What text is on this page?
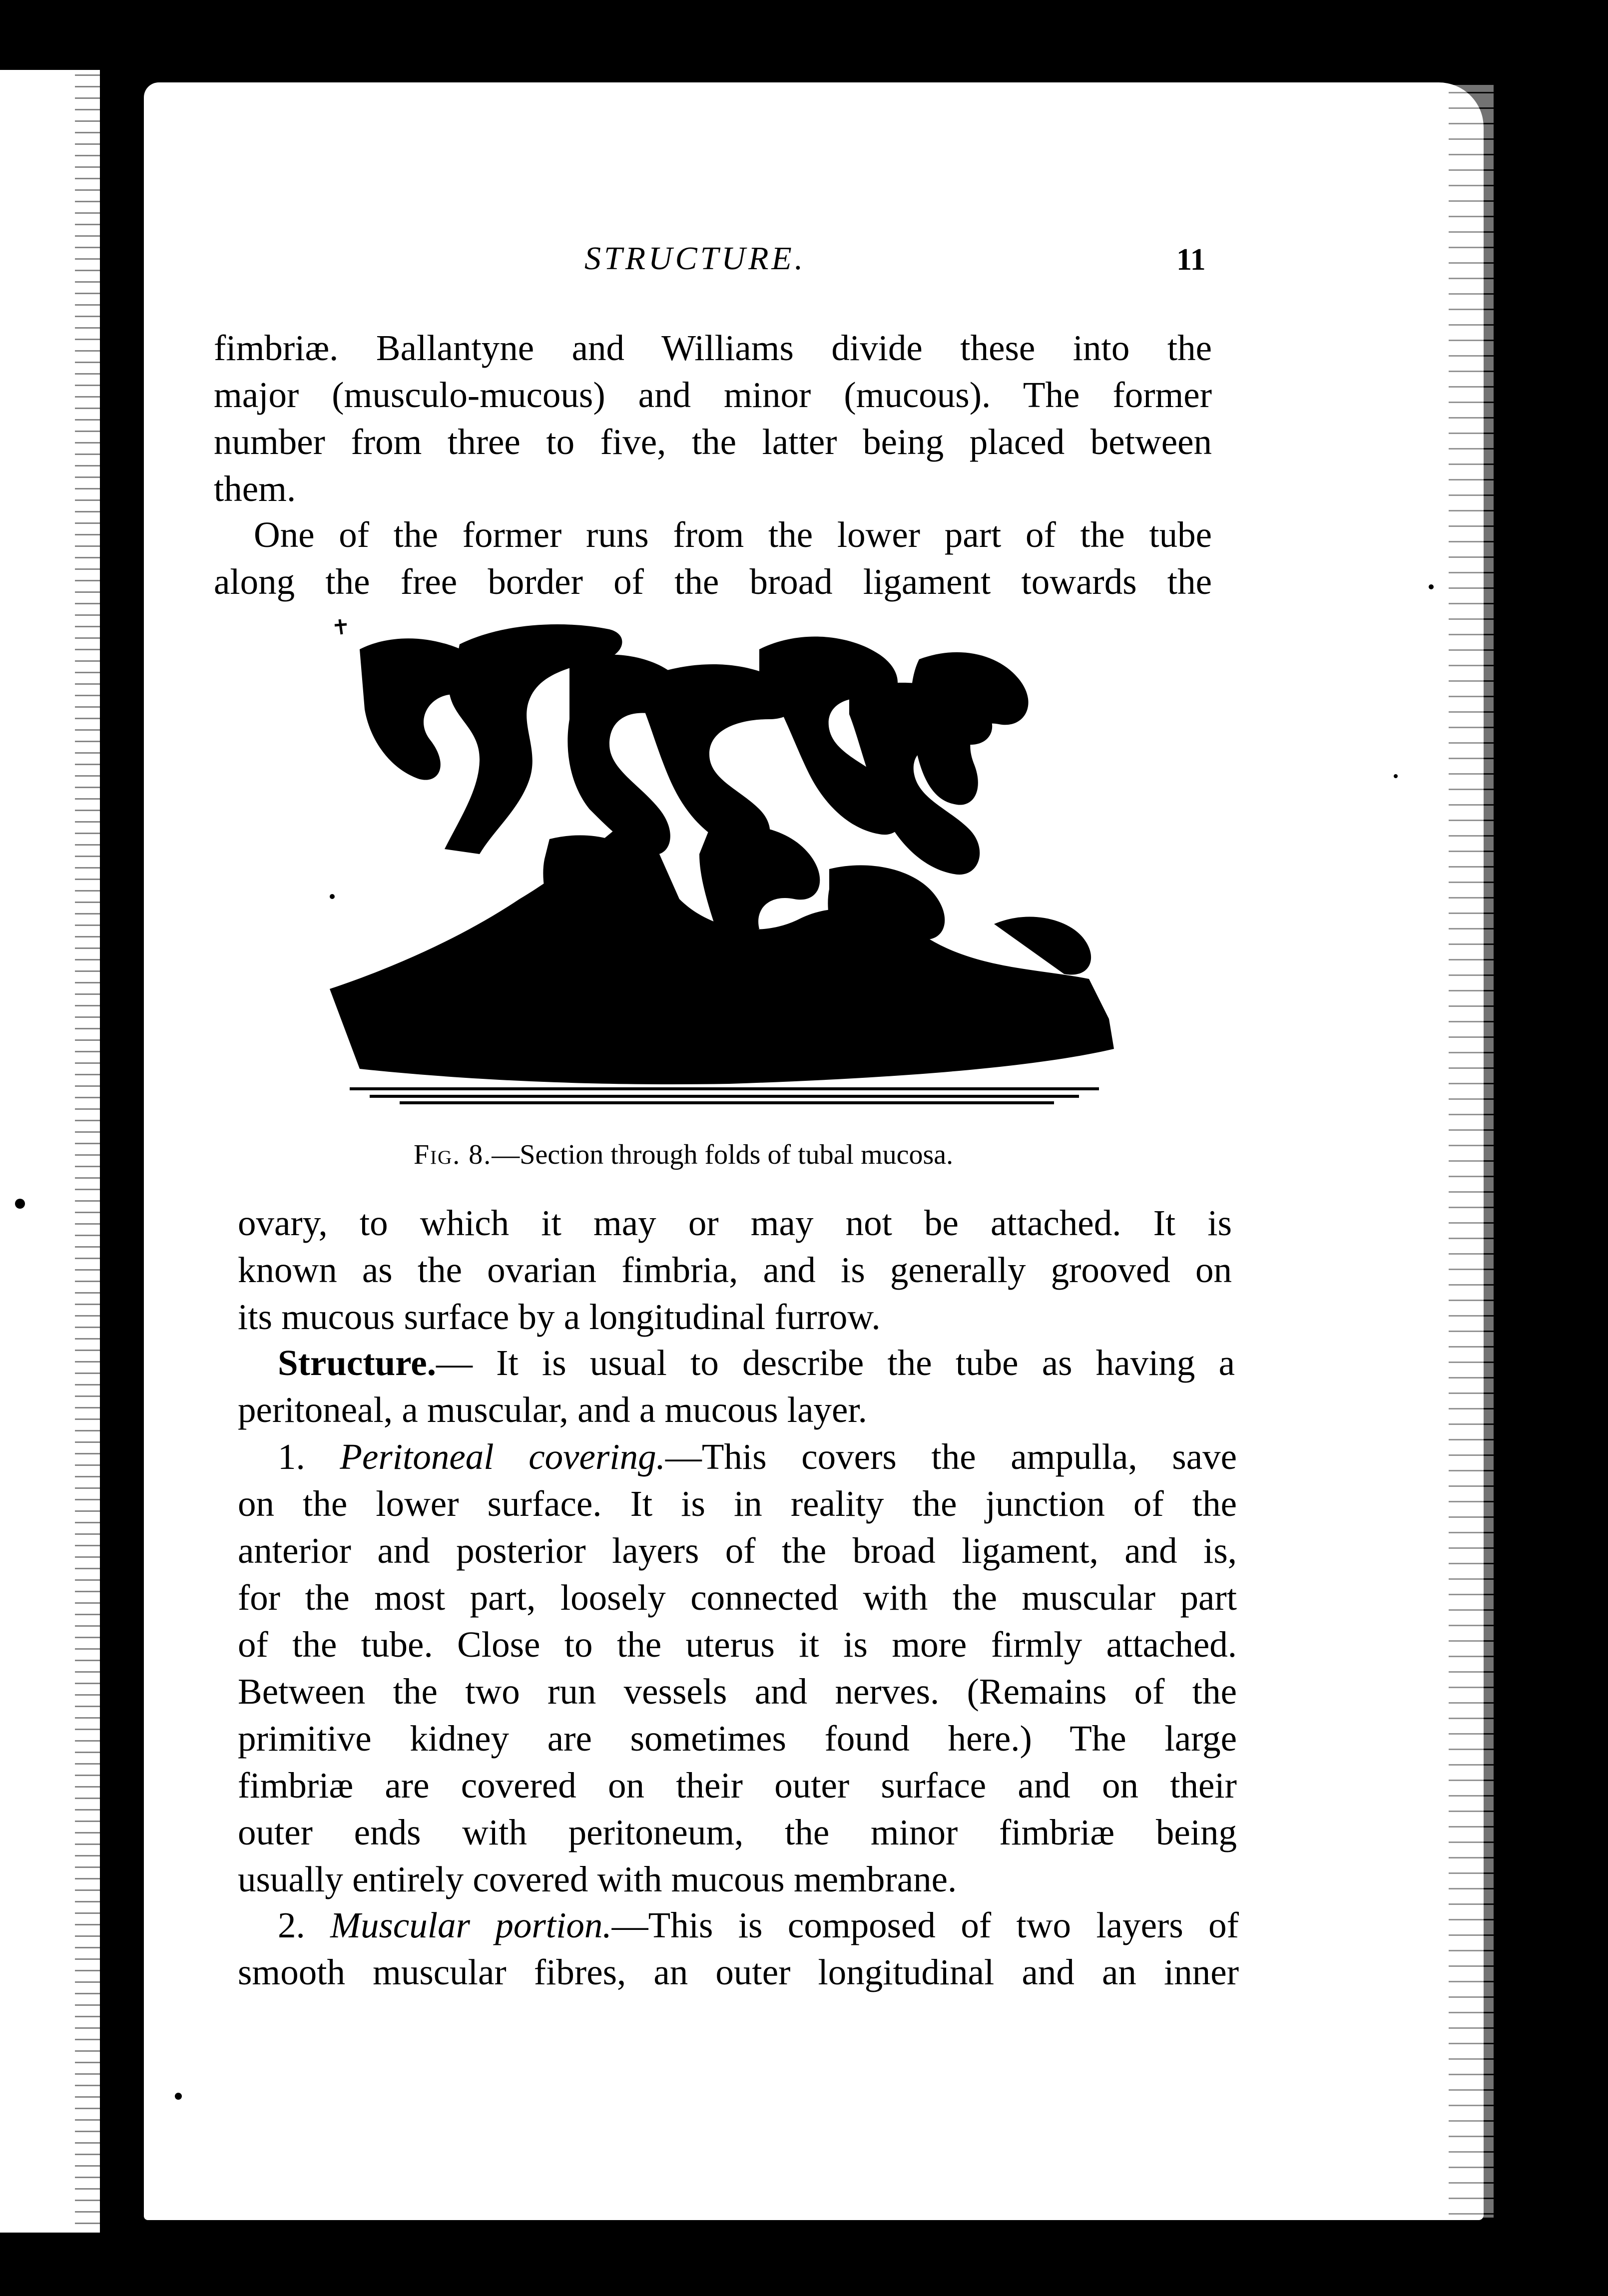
STRUCTURE.	11
fimbriæ. Ballantyne and Williams divide these into the
major (musculo-mucous) and minor (mucous). The former
number from three to five, the latter being placed between
them.
One of the former runs from the lower part of the tube
along the free border of the broad ligament towards the
Fig. 8.—Section through folds of tubal mucosa.
ovary, to which it may or may not be attached. It is
known as the ovarian fimbria, and is generally grooved on
its mucous surface by a longitudinal furrow.
Structure.— It is usual to describe the tube as having a
peritoneal, a muscular, and a mucous layer.
1. Peritoneal covering.—This covers the ampulla, save
on the lower surface. It is in reality the junction of the
anterior and posterior layers of the broad ligament, and is,
for the most part, loosely connected with the muscular part
of the tube. Close to the uterus it is more firmly attached.
Between the two run vessels and nerves. (Remains of the
primitive kidney are sometimes found here.) The large
fimbriæ are covered on their outer surface and on their
outer ends with peritoneum, the minor fimbriæ being
usually entirely covered with mucous membrane.
2. Muscular portion.—This is composed of two layers of
smooth muscular fibres, an outer longitudinal and an inner
